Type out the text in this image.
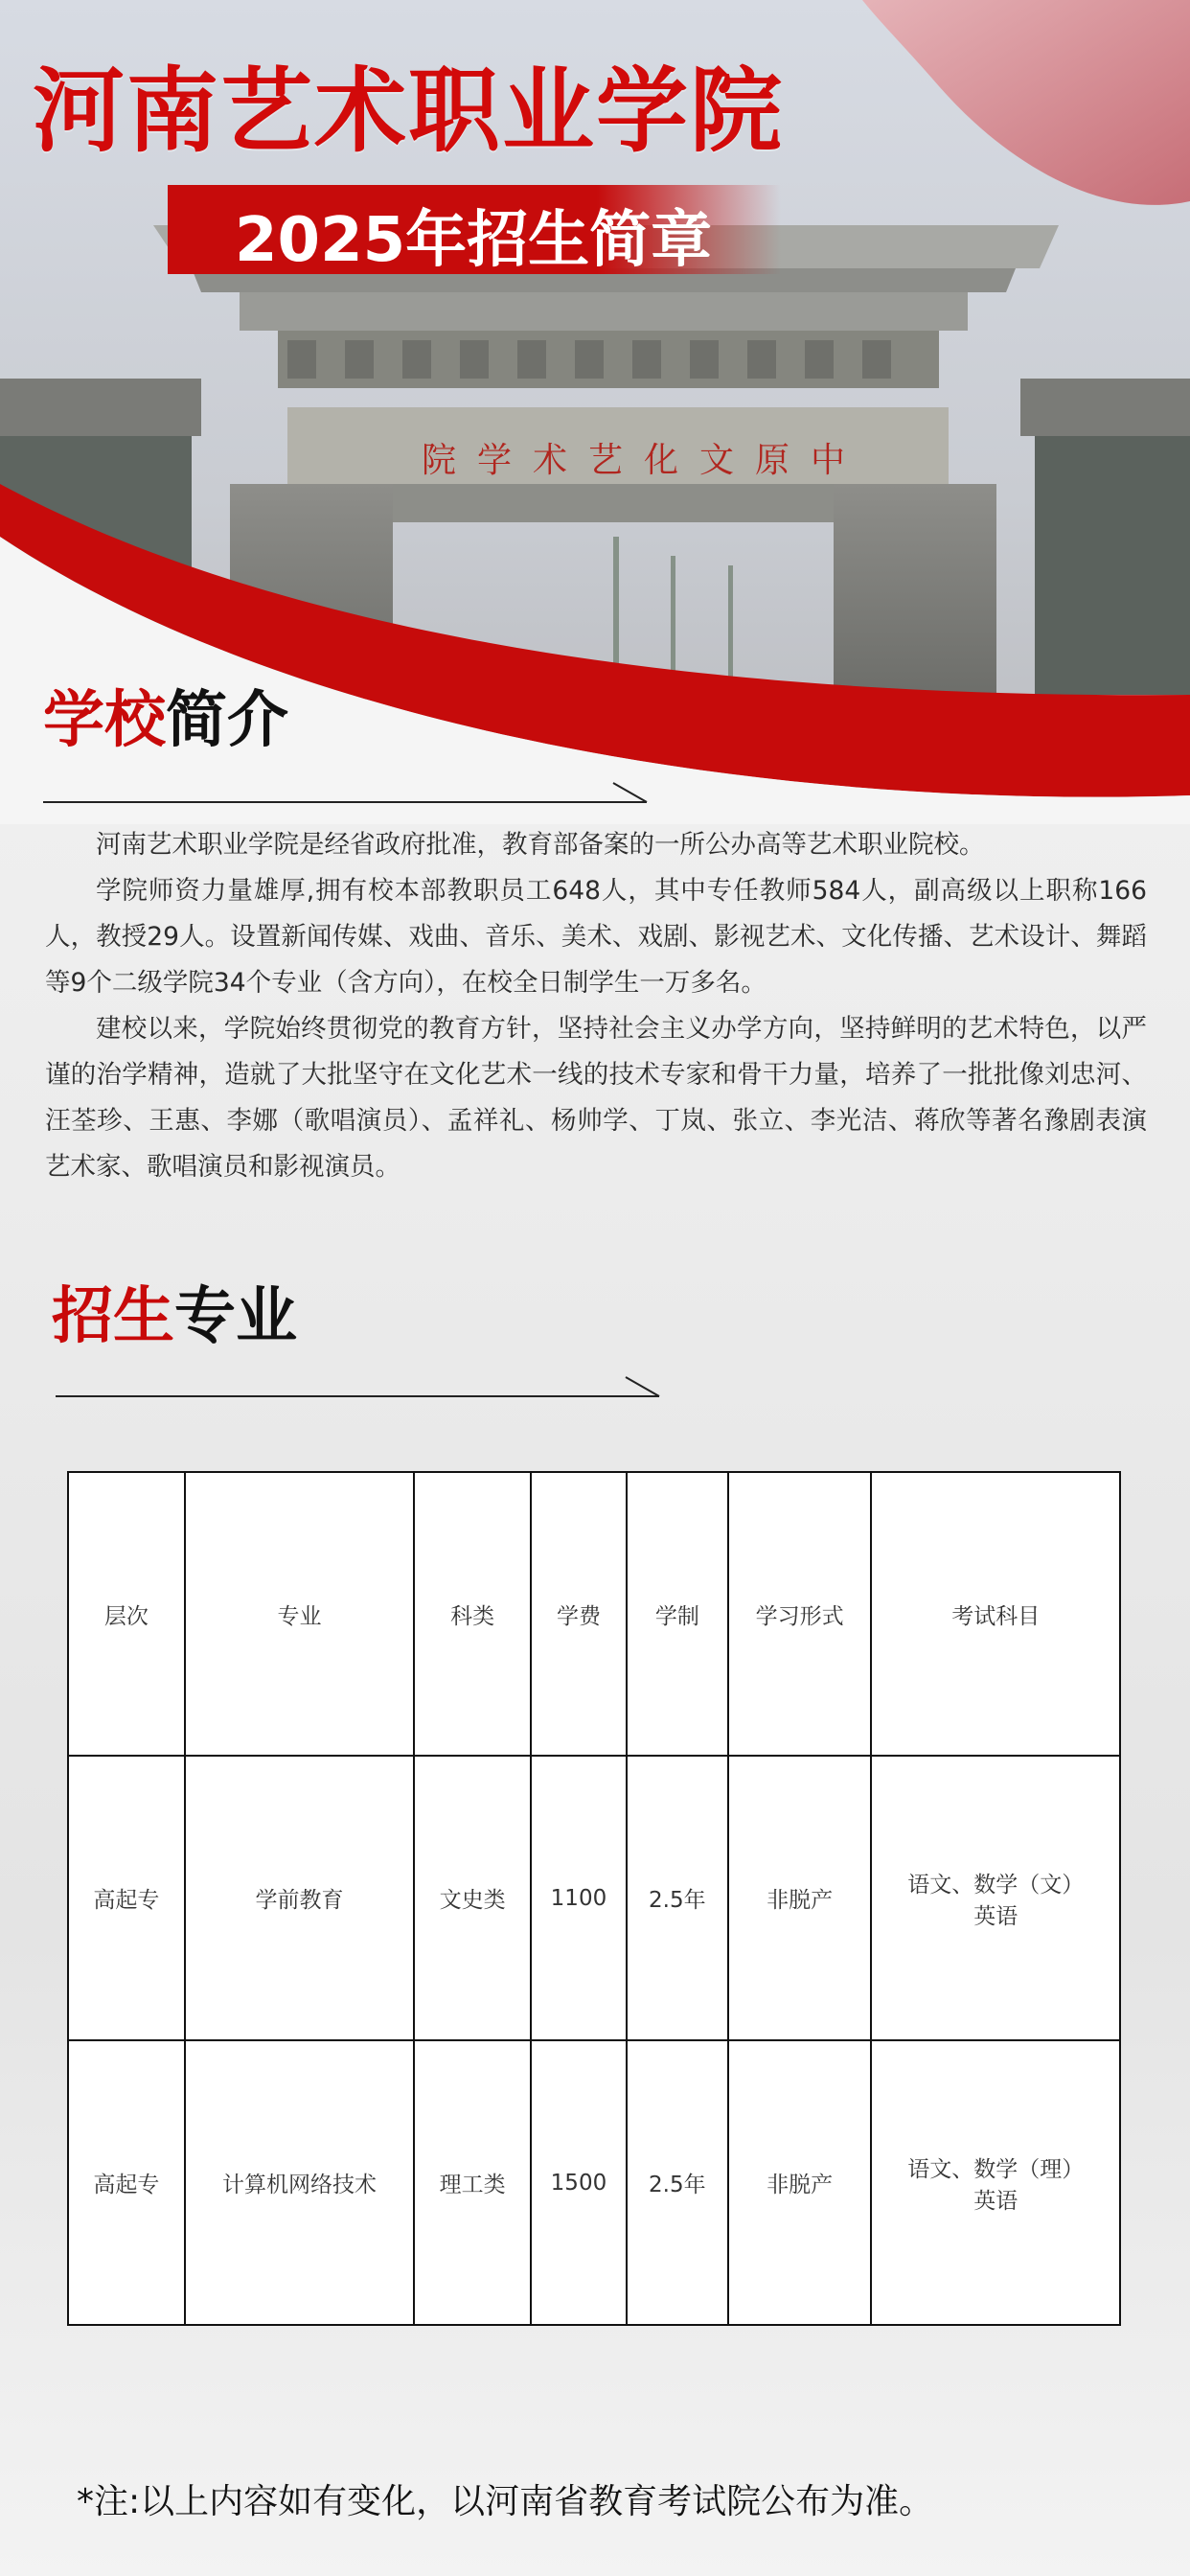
中原文化艺术学院
河南艺术职业学院
2025年招生简章
学校简介

河南艺术职业学院是经省政府批准，教育部备案的一所公办高等艺术职业院校。

学院师资力量雄厚,拥有校本部教职员工648人，其中专任教师584人，副高级以上职称166人，教授29人。设置新闻传媒、戏曲、音乐、美术、戏剧、影视艺术、文化传播、艺术设计、舞蹈等9个二级学院34个专业（含方向），在校全日制学生一万多名。

建校以来，学院始终贯彻党的教育方针，坚持社会主义办学方向，坚持鲜明的艺术特色，以严谨的治学精神，造就了大批坚守在文化艺术一线的技术专家和骨干力量，培养了一批批像刘忠河、汪荃珍、王惠、李娜（歌唱演员）、孟祥礼、杨帅学、丁岚、张立、李光洁、蒋欣等著名豫剧表演艺术家、歌唱演员和影视演员。

招生专业
层次	专业	科类	学费	学制	学习形式	考试科目
高起专	学前教育	文史类	1100	2.5年	非脱产	语文、数学（文）
英语

高起专	计算机网络技术	理工类	1500	2.5年	非脱产	语文、数学（理）
英语
*注:以上内容如有变化，以河南省教育考试院公布为准。
